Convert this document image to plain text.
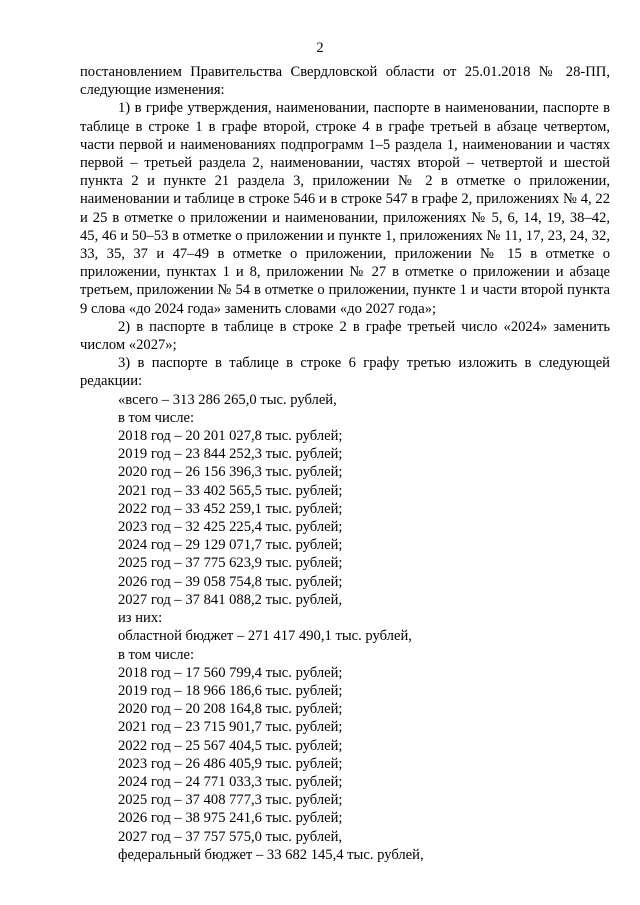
2

постановлением Правительства Свердловской области от 25.01.2018 № 28-ПП, следующие изменения:

1) в грифе утверждения, наименовании, паспорте в наименовании, паспорте в таблице в строке 1 в графе второй, строке 4 в графе третьей в абзаце четвертом, части первой и наименованиях подпрограмм 1–5 раздела 1, наименовании и частях первой – третьей раздела 2, наименовании, частях второй – четвертой и шестой пункта 2 и пункте 21 раздела 3, приложении № 2 в отметке о приложении, наименовании и таблице в строке 546 и в строке 547 в графе 2, приложениях № 4, 22 и 25 в отметке о приложении и наименовании, приложениях № 5, 6, 14, 19, 38–42, 45, 46 и 50–53 в отметке о приложении и пункте 1, приложениях № 11, 17, 23, 24, 32, 33, 35, 37 и 47–49 в отметке о приложении, приложении № 15 в отметке о приложении, пунктах 1 и 8, приложении № 27 в отметке о приложении и абзаце третьем, приложении № 54 в отметке о приложении, пункте 1 и части второй пункта 9 слова «до 2024 года» заменить словами «до 2027 года»;

2) в паспорте в таблице в строке 2 в графе третьей число «2024» заменить числом «2027»;

3) в паспорте в таблице в строке 6 графу третью изложить в следующей редакции:

«всего – 313 286 265,0 тыс. рублей,
в том числе:
2018 год – 20 201 027,8 тыс. рублей;
2019 год – 23 844 252,3 тыс. рублей;
2020 год – 26 156 396,3 тыс. рублей;
2021 год – 33 402 565,5 тыс. рублей;
2022 год – 33 452 259,1 тыс. рублей;
2023 год – 32 425 225,4 тыс. рублей;
2024 год – 29 129 071,7 тыс. рублей;
2025 год – 37 775 623,9 тыс. рублей;
2026 год – 39 058 754,8 тыс. рублей;
2027 год – 37 841 088,2 тыс. рублей,
из них:
областной бюджет – 271 417 490,1 тыс. рублей,
в том числе:
2018 год – 17 560 799,4 тыс. рублей;
2019 год – 18 966 186,6 тыс. рублей;
2020 год – 20 208 164,8 тыс. рублей;
2021 год – 23 715 901,7 тыс. рублей;
2022 год – 25 567 404,5 тыс. рублей;
2023 год – 26 486 405,9 тыс. рублей;
2024 год – 24 771 033,3 тыс. рублей;
2025 год – 37 408 777,3 тыс. рублей;
2026 год – 38 975 241,6 тыс. рублей;
2027 год – 37 757 575,0 тыс. рублей,
федеральный бюджет – 33 682 145,4 тыс. рублей,
